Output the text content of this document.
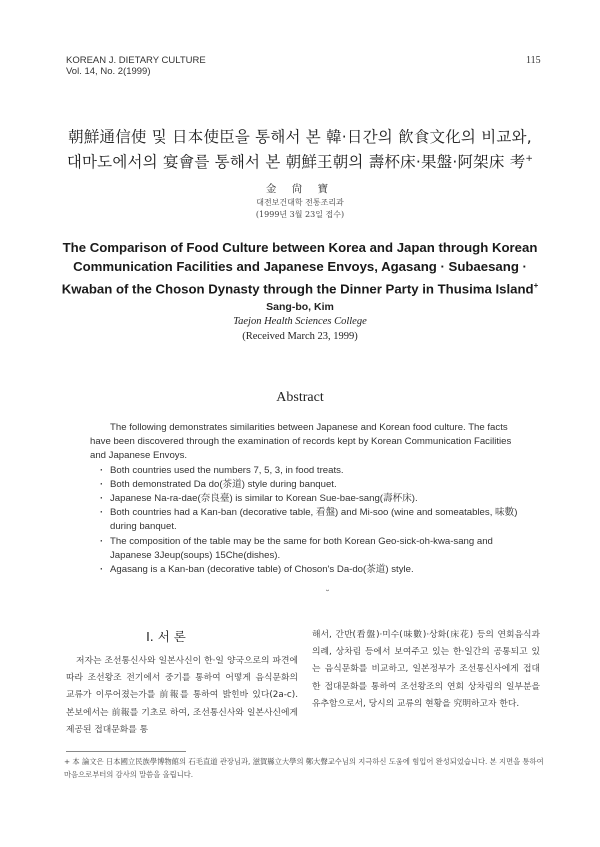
KOREAN J. DIETARY CULTURE
Vol. 14, No. 2(1999)
115
朝鮮通信使 및 日本使臣을 통해서 본 韓·日간의 飮食文化의 비교와,
대마도에서의 宴會를 통해서 본 朝鮮王朝의 壽杯床·果盤·阿架床 考+
金 尙 寶
대전보건대학 전통조리과
(1999년 3월 23일 접수)
The Comparison of Food Culture between Korea and Japan through Korean
Communication Facilities and Japanese Envoys, Agasang · Subaesang ·
Kwaban of the Choson Dynasty through the Dinner Party in Thusima Island+
Sang-bo, Kim
Taejon Health Sciences College
(Received March 23, 1999)
Abstract

The following demonstrates similarities between Japanese and Korean food culture. The facts have been discovered through the examination of records kept by Korean Communication Facilities and Japanese Envoys.

· Both countries used the numbers 7, 5, 3, in food treats.
· Both demonstrated Da do(茶道) style during banquet.
· Japanese Na-ra-dae(奈良臺) is similar to Korean Sue-bae-sang(壽杯床).
· Both countries had a Kan-ban (decorative table, 看盤) and Mi-soo (wine and someatables, 味數) during banquet.
· The composition of the table may be the same for both Korean Geo-sick-oh-kwa-sang and Japanese 3Jeup(soups) 15Che(dishes).
· Agasang is a Kan-ban (decorative table) of Choson's Da-do(茶道) style.
˘
I. 서 론
저자는 조선통신사와 일본사신이 한·일 양국으로의 파견에 따라 조선왕조 전기에서 중기를 통하여 어떻게 음식문화의 교류가 이루어졌는가를 前報를 통하여 밝힌바 있다(2a-c). 본보에서는 前報를 기초로 하여, 조선통신사와 일본사신에게 제공된 접대문화를 통
해서, 간반(看盤)·미수(味數)·상화(床花) 등의 연회음식과 의례, 상차림 등에서 보여주고 있는 한·일간의 공통되고 있는 음식문화를 비교하고, 일본정부가 조선통신사에게 접대한 접대문화를 통하여 조선왕조의 연회 상차림의 일부분을 유추함으로서, 당시의 교류의 현황을 究明하고자 한다.
+ 本 論文은 日本國立民族學博物館의 石毛直道 관장님과, 滋賀縣立大學의 鄭大聲교수님의 지극하신 도움에 힘입어 완성되었습니다. 본 지면을 통하여 마음으로부터의 감사의 말씀을 올립니다.
